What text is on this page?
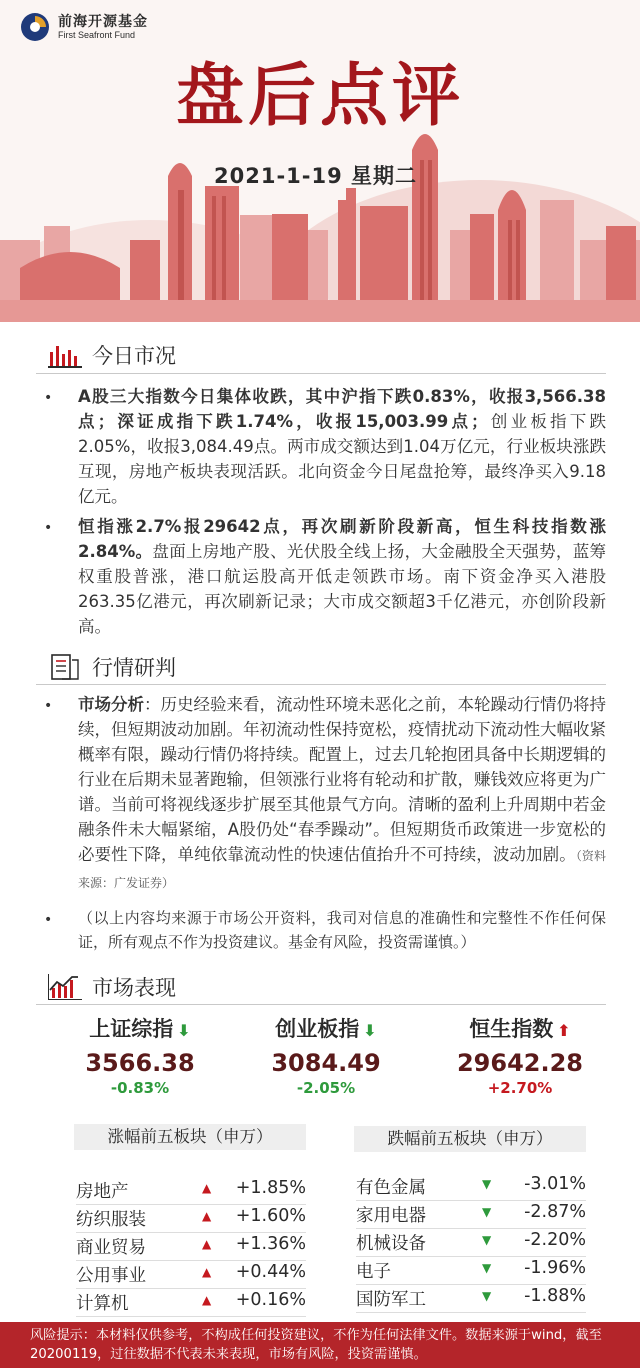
前海开源基金
First Seafront Fund
盘后点评
2021-1-19 星期二
今日市况
• A股三大指数今日集体收跌，其中沪指下跌0.83%，收报3,566.38点；深证成指下跌1.74%，收报15,003.99点；创业板指下跌2.05%，收报3,084.49点。两市成交额达到1.04万亿元，行业板块涨跌互现，房地产板块表现活跃。北向资金今日尾盘抢筹，最终净买入9.18亿元。
• 恒指涨2.7%报29642点，再次刷新阶段新高，恒生科技指数涨2.84%。盘面上房地产股、光伏股全线上扬，大金融股全天强势，蓝筹权重股普涨，港口航运股高开低走领跌市场。南下资金净买入港股263.35亿港元，再次刷新记录；大市成交额超3千亿港元，亦创阶段新高。
行情研判
• 市场分析：历史经验来看，流动性环境未恶化之前，本轮躁动行情仍将持续，但短期波动加剧。年初流动性保持宽松，疫情扰动下流动性大幅收紧概率有限，躁动行情仍将持续。配置上，过去几轮抱团具备中长期逻辑的行业在后期未显著跑输，但领涨行业将有轮动和扩散，赚钱效应将更为广谱。当前可将视线逐步扩展至其他景气方向。清晰的盈利上升周期中若金融条件未大幅紧缩，A股仍处“春季躁动”。但短期货币政策进一步宽松的必要性下降，单纯依靠流动性的快速估值抬升不可持续，波动加剧。（资料来源：广发证券）
• （以上内容均来源于市场公开资料，我司对信息的准确性和完整性不作任何保证，所有观点不作为投资建议。基金有风险，投资需谨慎。）
市场表现
上证综指 ⬇
3566.38
-0.83%
创业板指 ⬇
3084.49
-2.05%
恒生指数 ⬆
29642.28
+2.70%
涨幅前五板块（申万）	跌幅前五板块（申万）
房地产	▲ +1.85%
纺织服装	▲ +1.60%
商业贸易	▲ +1.36%
公用事业	▲ +0.44%
计算机	▲ +0.16%
有色金属	▼ -3.01%
家用电器	▼ -2.87%
机械设备	▼ -2.20%
电子	▼ -1.96%
国防军工	▼ -1.88%
风险提示：本材料仅供参考，不构成任何投资建议，不作为任何法律文件。数据来源于wind，截至20200119，过往数据不代表未来表现，市场有风险，投资需谨慎。
